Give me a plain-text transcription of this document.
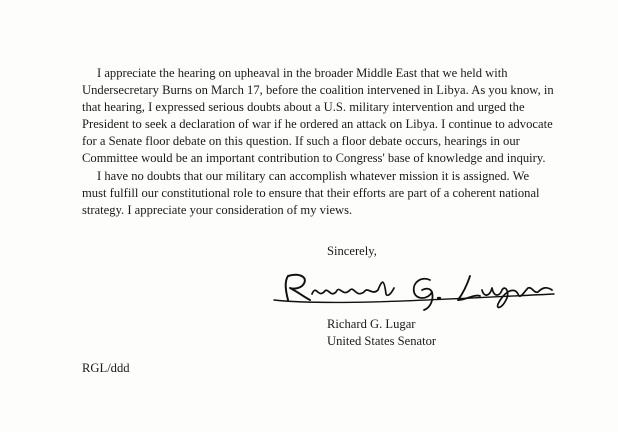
I appreciate the hearing on upheaval in the broader Middle East that we held with
Undersecretary Burns on March 17, before the coalition intervened in Libya. As you know, in
that hearing, I expressed serious doubts about a U.S. military intervention and urged the
President to seek a declaration of war if he ordered an attack on Libya. I continue to advocate
for a Senate floor debate on this question. If such a floor debate occurs, hearings in our
Committee would be an important contribution to Congress' base of knowledge and inquiry.

I have no doubts that our military can accomplish whatever mission it is assigned. We
must fulfill our constitutional role to ensure that their efforts are part of a coherent national
strategy. I appreciate your consideration of my views.

Sincerely,
Richard G. Lugar
United States Senator
RGL/ddd
